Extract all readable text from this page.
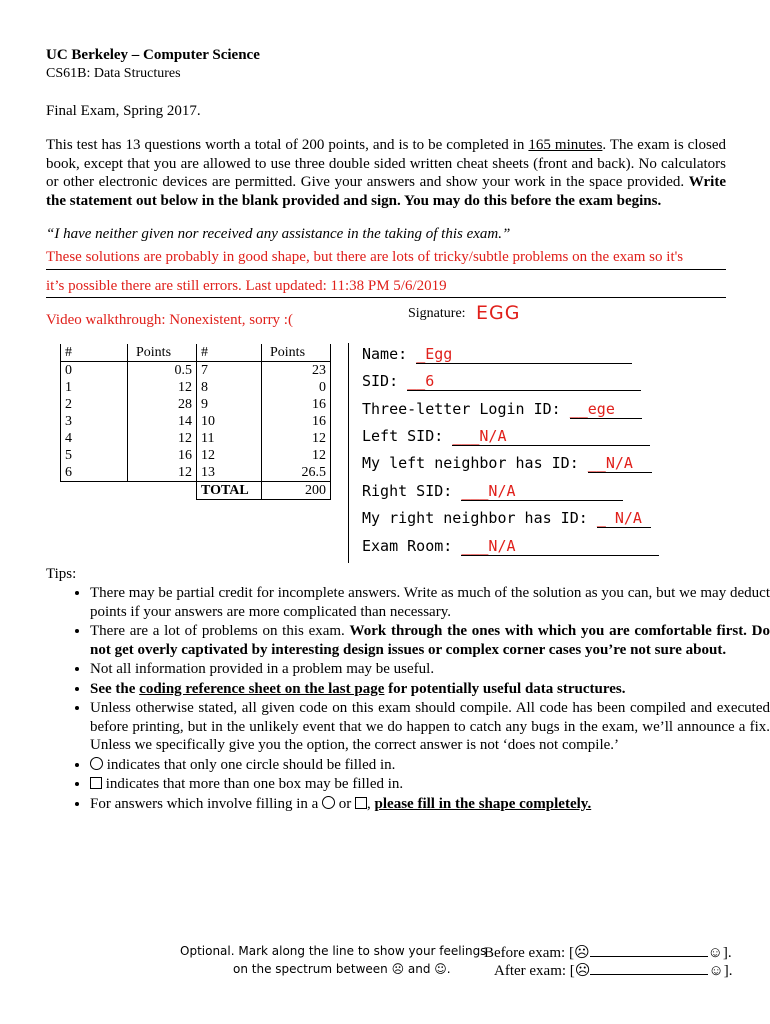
UC Berkeley – Computer Science
CS61B: Data Structures
Final Exam, Spring 2017.
This test has 13 questions worth a total of 200 points, and is to be completed in 165 minutes. The exam is closed book, except that you are allowed to use three double sided written cheat sheets (front and back). No calculators or other electronic devices are permitted. Give your answers and show your work in the space provided. Write the statement out below in the blank provided and sign. You may do this before the exam begins.
“I have neither given nor received any assistance in the taking of this exam.”
These solutions are probably in good shape, but there are lots of tricky/subtle problems on the exam so it's
it’s possible there are still errors. Last updated: 11:38 PM 5/6/2019
Video walkthrough: Nonexistent, sorry :(	Signature: EGG
#	Points	#	Points
0	0.5	7	23
1	12	8	0
2	28	9	16
3	14	10	16
4	12	11	12
5	16	12	12
6	12	13	26.5
		TOTAL	200
Name: _Egg
SID: __6
Three-letter Login ID: __ege
Left SID: ___N/A
My left neighbor has ID: __N/A
Right SID: ___N/A
My right neighbor has ID: _ N/A
Exam Room: ___N/A
Tips:
• There may be partial credit for incomplete answers. Write as much of the solution as you can, but we may deduct points if your answers are more complicated than necessary.
• There are a lot of problems on this exam. Work through the ones with which you are comfortable first. Do not get overly captivated by interesting design issues or complex corner cases you’re not sure about.
• Not all information provided in a problem may be useful.
• See the coding reference sheet on the last page for potentially useful data structures.
• Unless otherwise stated, all given code on this exam should compile. All code has been compiled and executed before printing, but in the unlikely event that we do happen to catch any bugs in the exam, we’ll announce a fix. Unless we specifically give you the option, the correct answer is not ‘does not compile.’
• indicates that only one circle should be filled in.
• indicates that more than one box may be filled in.
• For answers which involve filling in a  or , please fill in the shape completely.
Optional. Mark along the line to show your feelings
on the spectrum between ☹ and ☺.
Before exam: [☹	☺].
After exam: [☹	☺].
